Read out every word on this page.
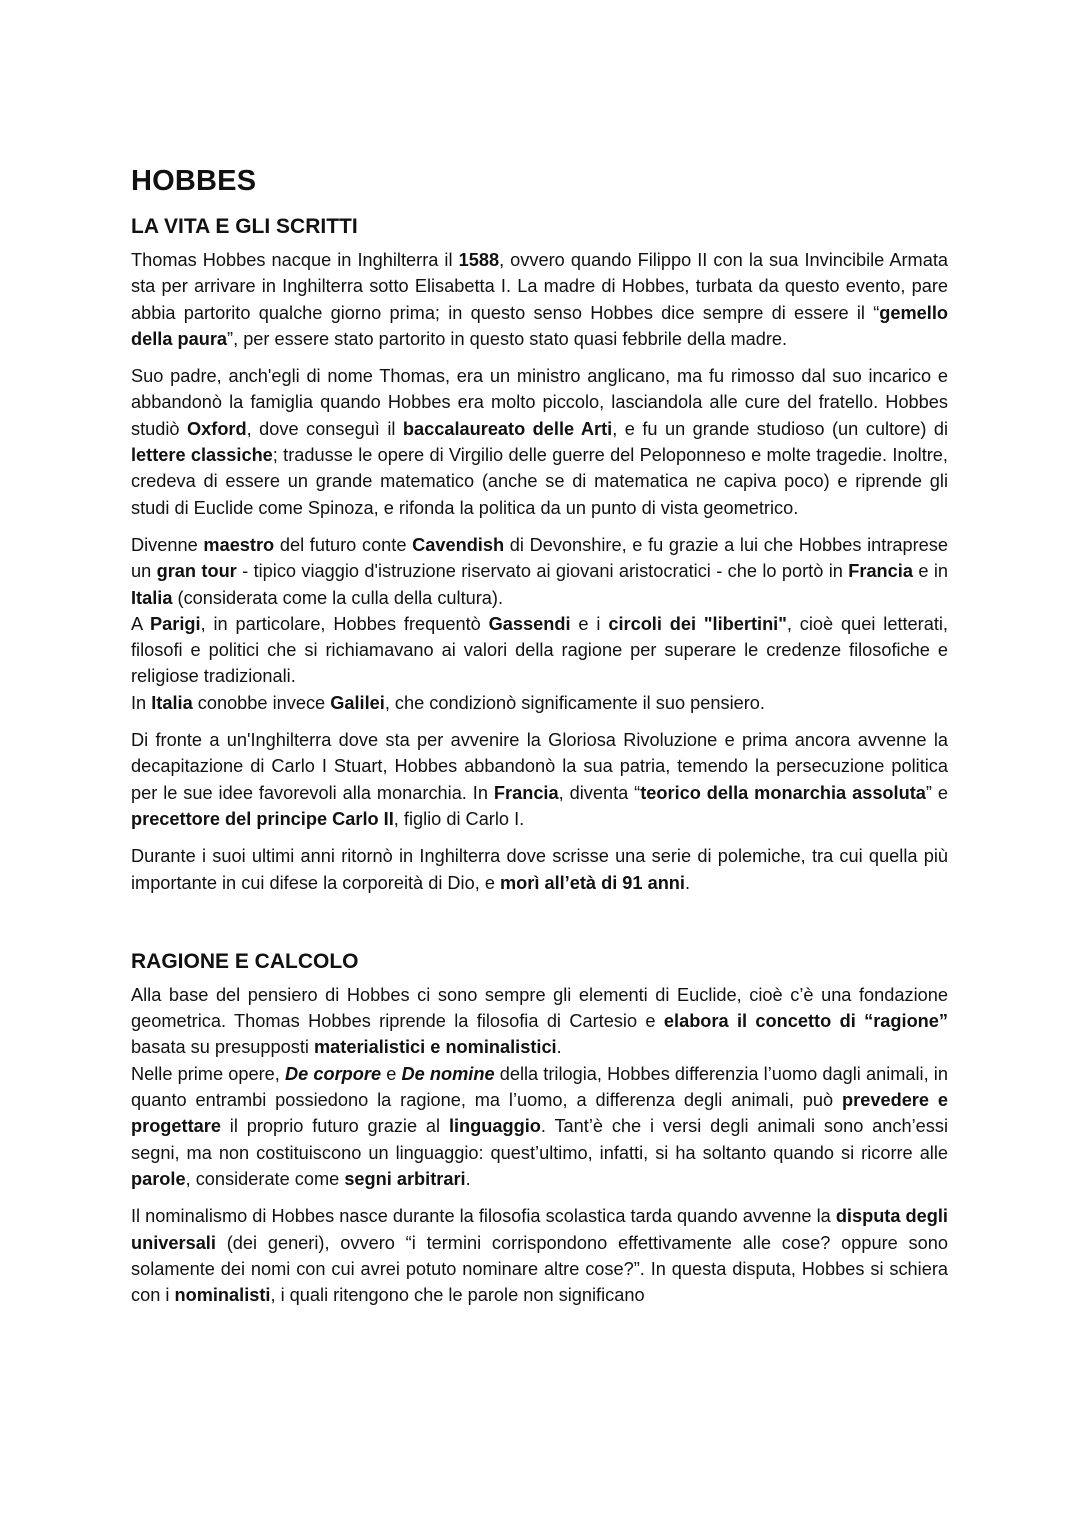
HOBBES
LA VITA E GLI SCRITTI

Thomas Hobbes nacque in Inghilterra il 1588, ovvero quando Filippo II con la sua Invincibile Armata sta per arrivare in Inghilterra sotto Elisabetta I. La madre di Hobbes, turbata da questo evento, pare abbia partorito qualche giorno prima; in questo senso Hobbes dice sempre di essere il “gemello della paura”, per essere stato partorito in questo stato quasi febbrile della madre.

Suo padre, anch'egli di nome Thomas, era un ministro anglicano, ma fu rimosso dal suo incarico e abbandonò la famiglia quando Hobbes era molto piccolo, lasciandola alle cure del fratello. Hobbes studiò Oxford, dove conseguì il baccalaureato delle Arti, e fu un grande studioso (un cultore) di lettere classiche; tradusse le opere di Virgilio delle guerre del Peloponneso e molte tragedie. Inoltre, credeva di essere un grande matematico (anche se di matematica ne capiva poco) e riprende gli studi di Euclide come Spinoza, e rifonda la politica da un punto di vista geometrico.

Divenne maestro del futuro conte Cavendish di Devonshire, e fu grazie a lui che Hobbes intraprese un gran tour - tipico viaggio d'istruzione riservato ai giovani aristocratici - che lo portò in Francia e in Italia (considerata come la culla della cultura).

A Parigi, in particolare, Hobbes frequentò Gassendi e i circoli dei "libertini", cioè quei letterati, filosofi e politici che si richiamavano ai valori della ragione per superare le credenze filosofiche e religiose tradizionali.

In Italia conobbe invece Galilei, che condizionò significamente il suo pensiero.

Di fronte a un'Inghilterra dove sta per avvenire la Gloriosa Rivoluzione e prima ancora avvenne la decapitazione di Carlo I Stuart, Hobbes abbandonò la sua patria, temendo la persecuzione politica per le sue idee favorevoli alla monarchia. In Francia, diventa “teorico della monarchia assoluta” e precettore del principe Carlo II, figlio di Carlo I.

Durante i suoi ultimi anni ritornò in Inghilterra dove scrisse una serie di polemiche, tra cui quella più importante in cui difese la corporeità di Dio, e morì all’età di 91 anni.

RAGIONE E CALCOLO

Alla base del pensiero di Hobbes ci sono sempre gli elementi di Euclide, cioè c’è una fondazione geometrica. Thomas Hobbes riprende la filosofia di Cartesio e elabora il concetto di “ragione” basata su presupposti materialistici e nominalistici.

Nelle prime opere, De corpore e De nomine della trilogia, Hobbes differenzia l’uomo dagli animali, in quanto entrambi possiedono la ragione, ma l’uomo, a differenza degli animali, può prevedere e progettare il proprio futuro grazie al linguaggio. Tant’è che i versi degli animali sono anch’essi segni, ma non costituiscono un linguaggio: quest’ultimo, infatti, si ha soltanto quando si ricorre alle parole, considerate come segni arbitrari.

Il nominalismo di Hobbes nasce durante la filosofia scolastica tarda quando avvenne la disputa degli universali (dei generi), ovvero “i termini corrispondono effettivamente alle cose? oppure sono solamente dei nomi con cui avrei potuto nominare altre cose?”. In questa disputa, Hobbes si schiera con i nominalisti, i quali ritengono che le parole non significano
